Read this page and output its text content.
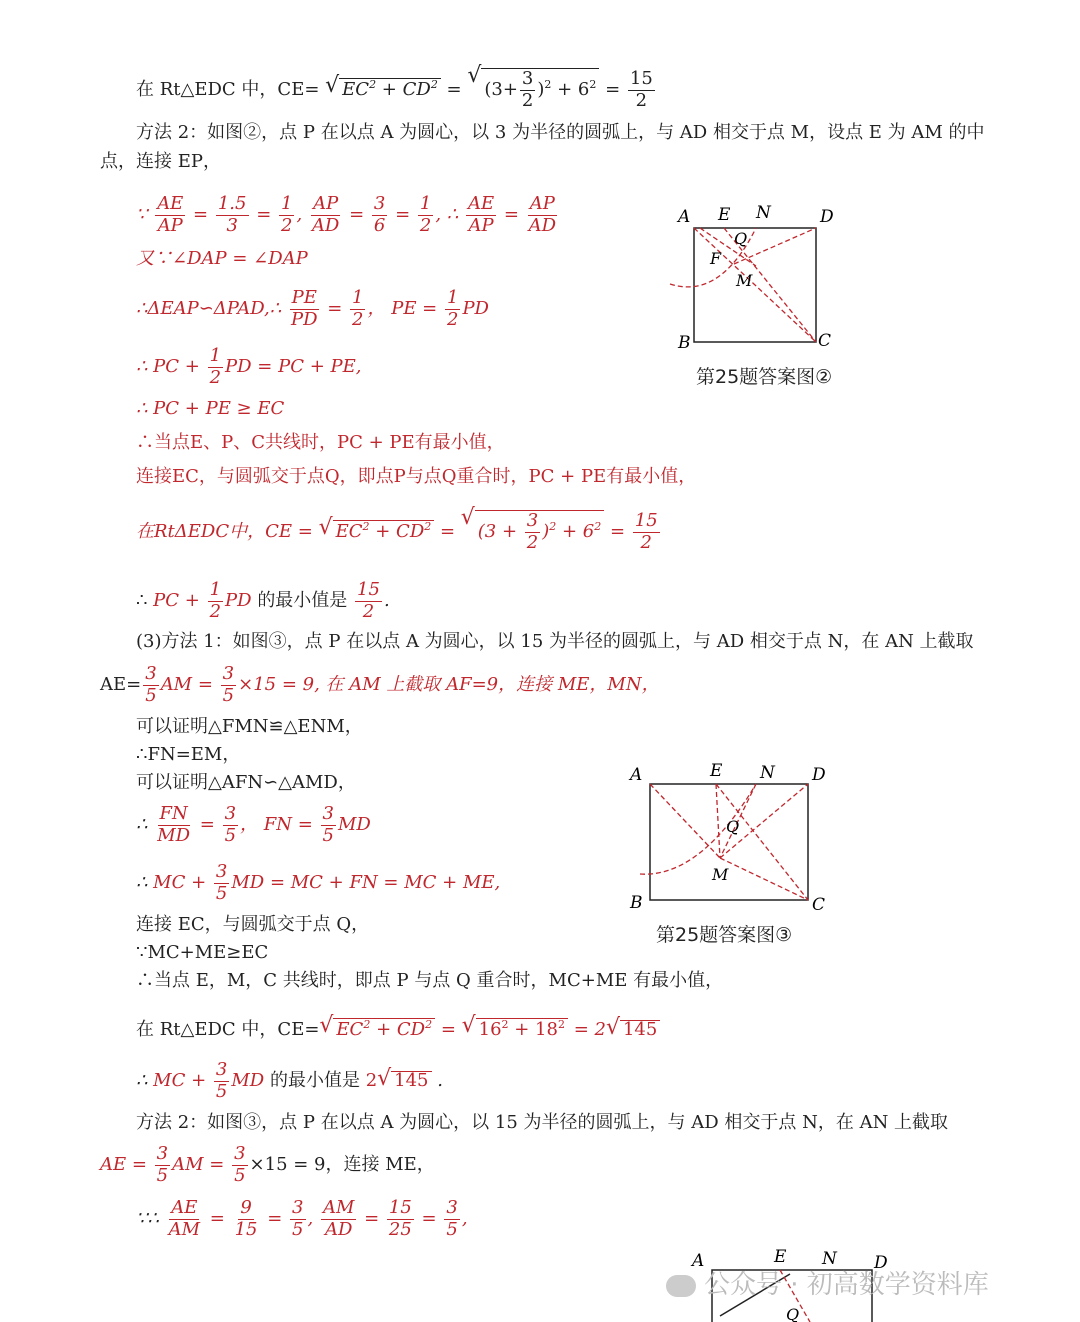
在 Rt△EDC 中，CE= √ $EC^2 + CD^2$ = √ $(3+ \frac{3}{2} )^2 + 6^2 = \frac{15}{2}$
方法 2：如图②，点 P 在以点 A 为圆心，以 3 为半径的圆弧上，与 AD 相交于点 M，设点 E 为 AM 的中
点，连接 EP，
∵ $\frac{AE}{AP} = \frac{1.5}{3} = \frac{1}{2}$ , $\frac{AP}{AD} = \frac{3}{6} = \frac{1}{2}$ , ∴ $\frac{AE}{AP} = \frac{AP}{AD}$
又∵∠DAP = ∠DAP
∴ΔEAP∽ΔPAD,∴ $\frac{PE}{PD} = \frac{1}{2}$ ， PE = $\frac{1}{2}$ PD
∴ PC + $\frac{1}{2}$ PD = PC + PE,
∴ PC + PE ≥ EC
∴当点E、P、C共线时，PC + PE有最小值，
连接EC，与圆弧交于点Q，即点P与点Q重合时，PC + PE有最小值，
在RtΔEDC中，CE = √ $EC^2 + CD^2$ = √ $(3 + \frac{3}{2} )^2 + 6^2 = \frac{15}{2}$
∴ PC + $\frac{1}{2}$ PD 的最小值是 $\frac{15}{2}$ .
(3)方法 1：如图③，点 P 在以点 A 为圆心，以 15 为半径的圆弧上，与 AD 相交于点 N，在 AN 上截取
$AE= \frac{3}{5}$ AM = $\frac{3}{5} \times 15 = 9$, 在 AM 上截取 AF=9，连接 ME，MN，
可以证明△FMN≌△ENM，
∴FN=EM，
可以证明△AFN∽△AMD，
∴ $\frac{FN}{MD} = \frac{3}{5}$ ， FN = $\frac{3}{5}$ MD
∴ MC + $\frac{3}{5}$ MD = MC + FN = MC + ME,
连接 EC，与圆弧交于点 Q，
∵MC+ME≥EC
∴当点 E，M，C 共线时，即点 P 与点 Q 重合时，MC+ME 有最小值，
在 Rt△EDC 中，CE=√ $EC^2 + CD^2$ = √ $16^2 + 18^2 = 2√$ 145
∴ MC + $\frac{3}{5}$ MD 的最小值是 2√ 145 .
方法 2：如图③，点 P 在以点 A 为圆心，以 15 为半径的圆弧上，与 AD 相交于点 N，在 AN 上截取
AE = $\frac{3}{5}$ AM = $\frac{3}{5} \times 15 = 9$，连接 ME，
∵∴ $\frac{AE}{AM} = \frac{9}{15} = \frac{3}{5}$ , $\frac{AM}{AD} = \frac{15}{25} = \frac{3}{5}$ ,
A E N	D
Q
F
M
B	C
第25题答案图②
A	E N D
Q
M
B	C
第25题答案图③
A	E N D
Q
公众号 · 初高数学资料库
